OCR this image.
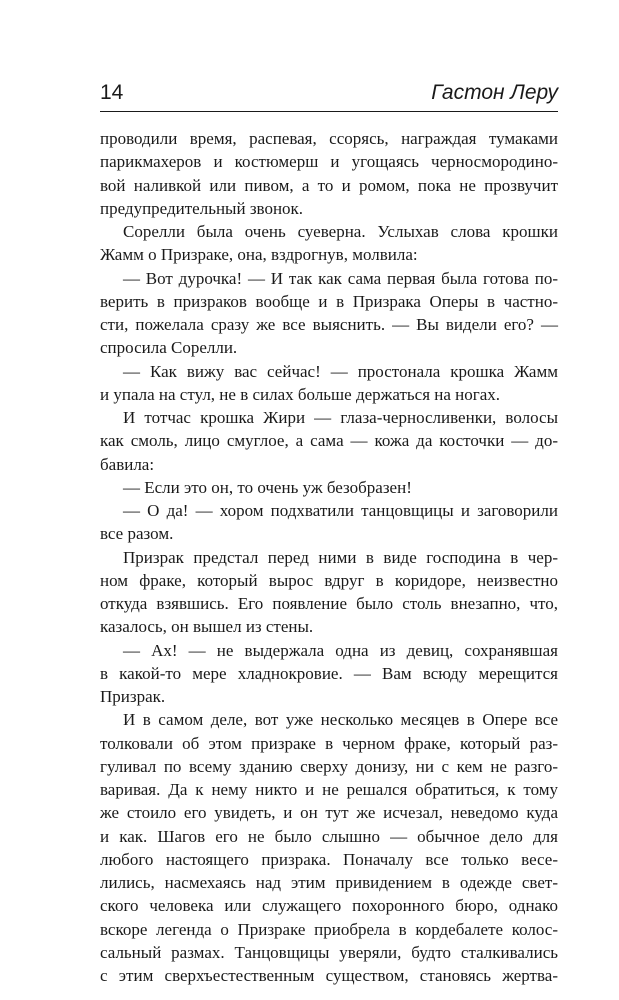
14	Гастон Леру
проводили время, распевая, ссорясь, награждая тумаками
парикмахеров и костюмерш и угощаясь черносмородино-
вой наливкой или пивом, а то и ромом, пока не прозвучит
предупредительный звонок.
Сорелли была очень суеверна. Услыхав слова крошки
Жамм о Призраке, она, вздрогнув, молвила:
— Вот дурочка! — И так как сама первая была готова по-
верить в призраков вообще и в Призрака Оперы в частно-
сти, пожелала сразу же все выяснить. — Вы видели его? —
спросила Сорелли.
— Как вижу вас сейчас! — простонала крошка Жамм
и упала на стул, не в силах больше держаться на ногах.
И тотчас крошка Жири — глаза-черносливенки, волосы
как смоль, лицо смуглое, а сама — кожа да косточки — до-
бавила:
— Если это он, то очень уж безобразен!
— О да! — хором подхватили танцовщицы и заговорили
все разом.
Призрак предстал перед ними в виде господина в чер-
ном фраке, который вырос вдруг в коридоре, неизвестно
откуда взявшись. Его появление было столь внезапно, что,
казалось, он вышел из стены.
— Ах! — не выдержала одна из девиц, сохранявшая
в какой-то мере хладнокровие. — Вам всюду мерещится
Призрак.
И в самом деле, вот уже несколько месяцев в Опере все
толковали об этом призраке в черном фраке, который раз-
гуливал по всему зданию сверху донизу, ни с кем не разго-
варивая. Да к нему никто и не решался обратиться, к тому
же стоило его увидеть, и он тут же исчезал, неведомо куда
и как. Шагов его не было слышно — обычное дело для
любого настоящего призрака. Поначалу все только весе-
лились, насмехаясь над этим привидением в одежде свет-
ского человека или служащего похоронного бюро, однако
вскоре легенда о Призраке приобрела в кордебалете колос-
сальный размах. Танцовщицы уверяли, будто сталкивались
с этим сверхъестественным существом, становясь жертва-
